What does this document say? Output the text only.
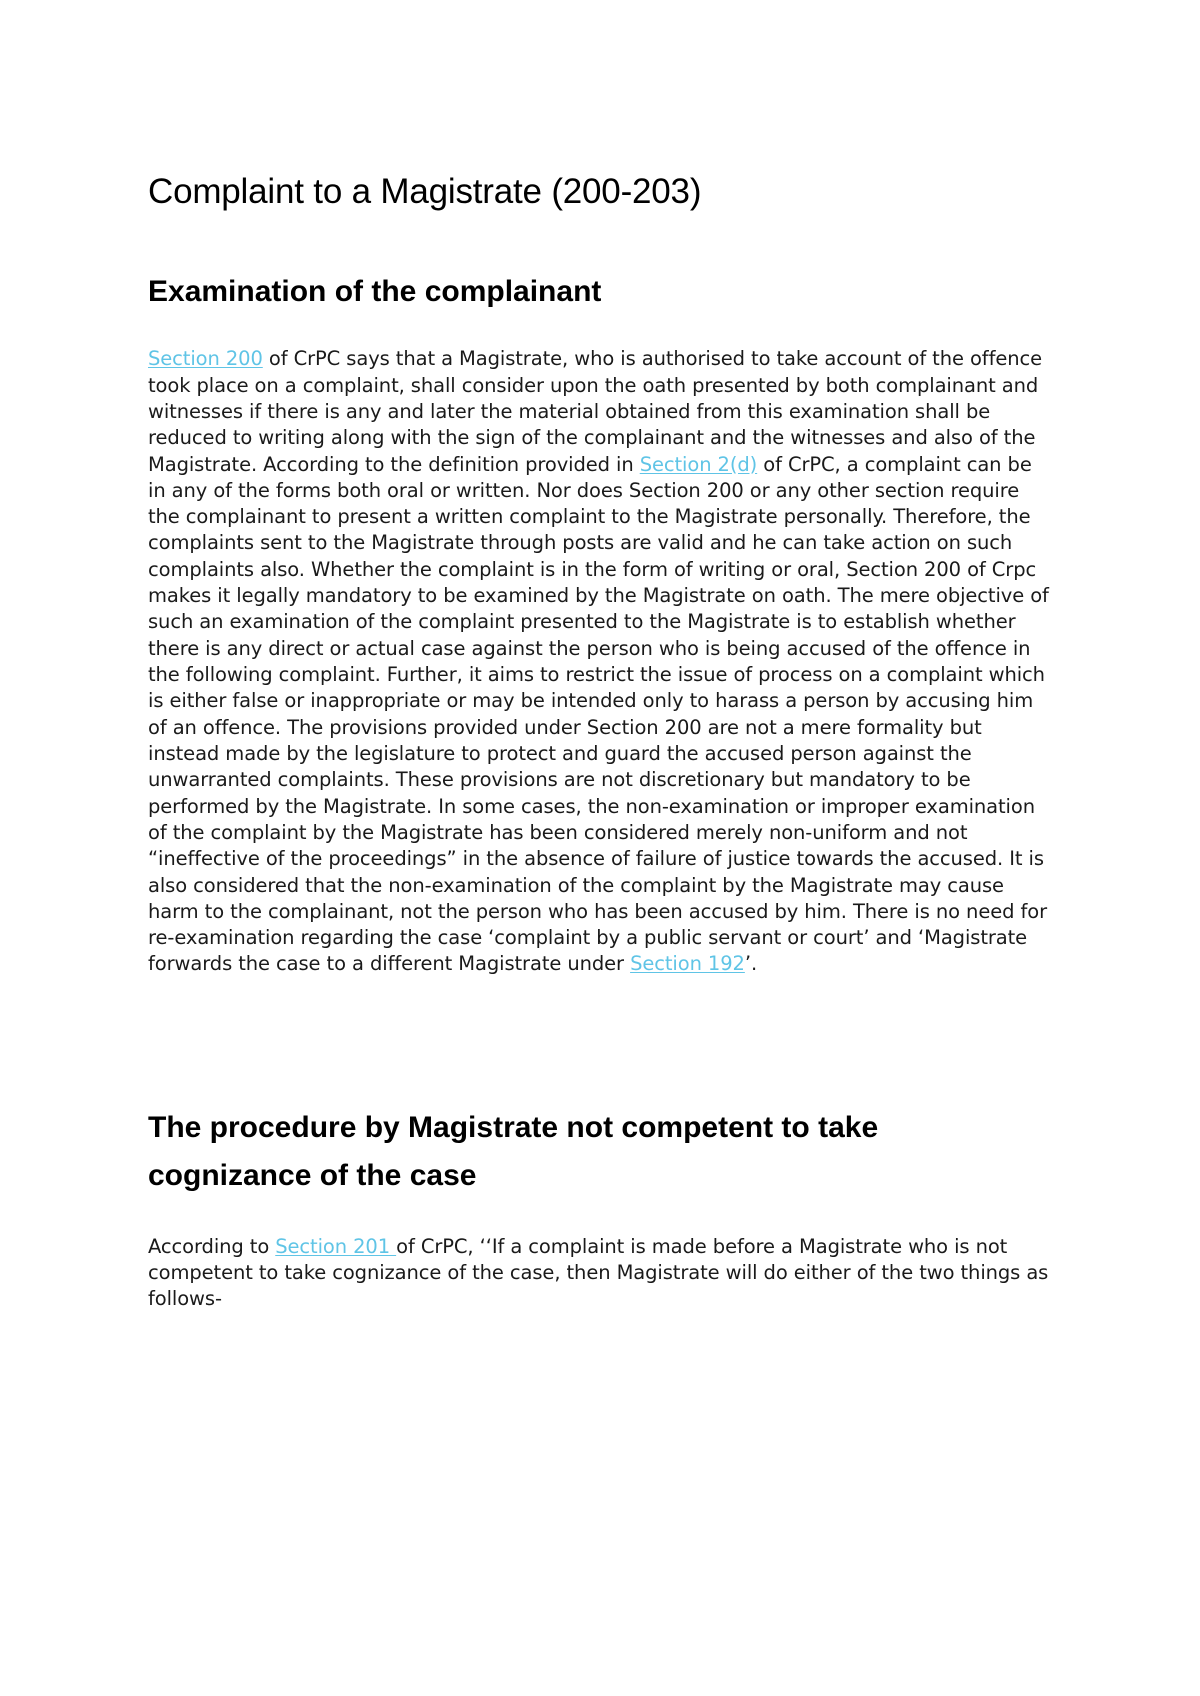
Complaint to a Magistrate (200-203)
Examination of the complainant

Section 200 of CrPC says that a Magistrate, who is authorised to take account of the offence took place on a complaint, shall consider upon the oath presented by both complainant and witnesses if there is any and later the material obtained from this examination shall be reduced to writing along with the sign of the complainant and the witnesses and also of the Magistrate. According to the definition provided in Section 2(d) of CrPC, a complaint can be in any of the forms both oral or written. Nor does Section 200 or any other section require the complainant to present a written complaint to the Magistrate personally. Therefore, the complaints sent to the Magistrate through posts are valid and he can take action on such complaints also. Whether the complaint is in the form of writing or oral, Section 200 of Crpc makes it legally mandatory to be examined by the Magistrate on oath. The mere objective of such an examination of the complaint presented to the Magistrate is to establish whether there is any direct or actual case against the person who is being accused of the offence in the following complaint. Further, it aims to restrict the issue of process on a complaint which is either false or inappropriate or may be intended only to harass a person by accusing him of an offence. The provisions provided under Section 200 are not a mere formality but instead made by the legislature to protect and guard the accused person against the unwarranted complaints. These provisions are not discretionary but mandatory to be performed by the Magistrate. In some cases, the non-examination or improper examination of the complaint by the Magistrate has been considered merely non-uniform and not “ineffective of the proceedings” in the absence of failure of justice towards the accused. It is also considered that the non-examination of the complaint by the Magistrate may cause harm to the complainant, not the person who has been accused by him. There is no need for re-examination regarding the case ‘complaint by a public servant or court’ and ‘Magistrate forwards the case to a different Magistrate under Section 192’.

The procedure by Magistrate not competent to take cognizance of the case

According to Section 201 of CrPC, ‘‘If a complaint is made before a Magistrate who is not competent to take cognizance of the case, then Magistrate will do either of the two things as follows-
